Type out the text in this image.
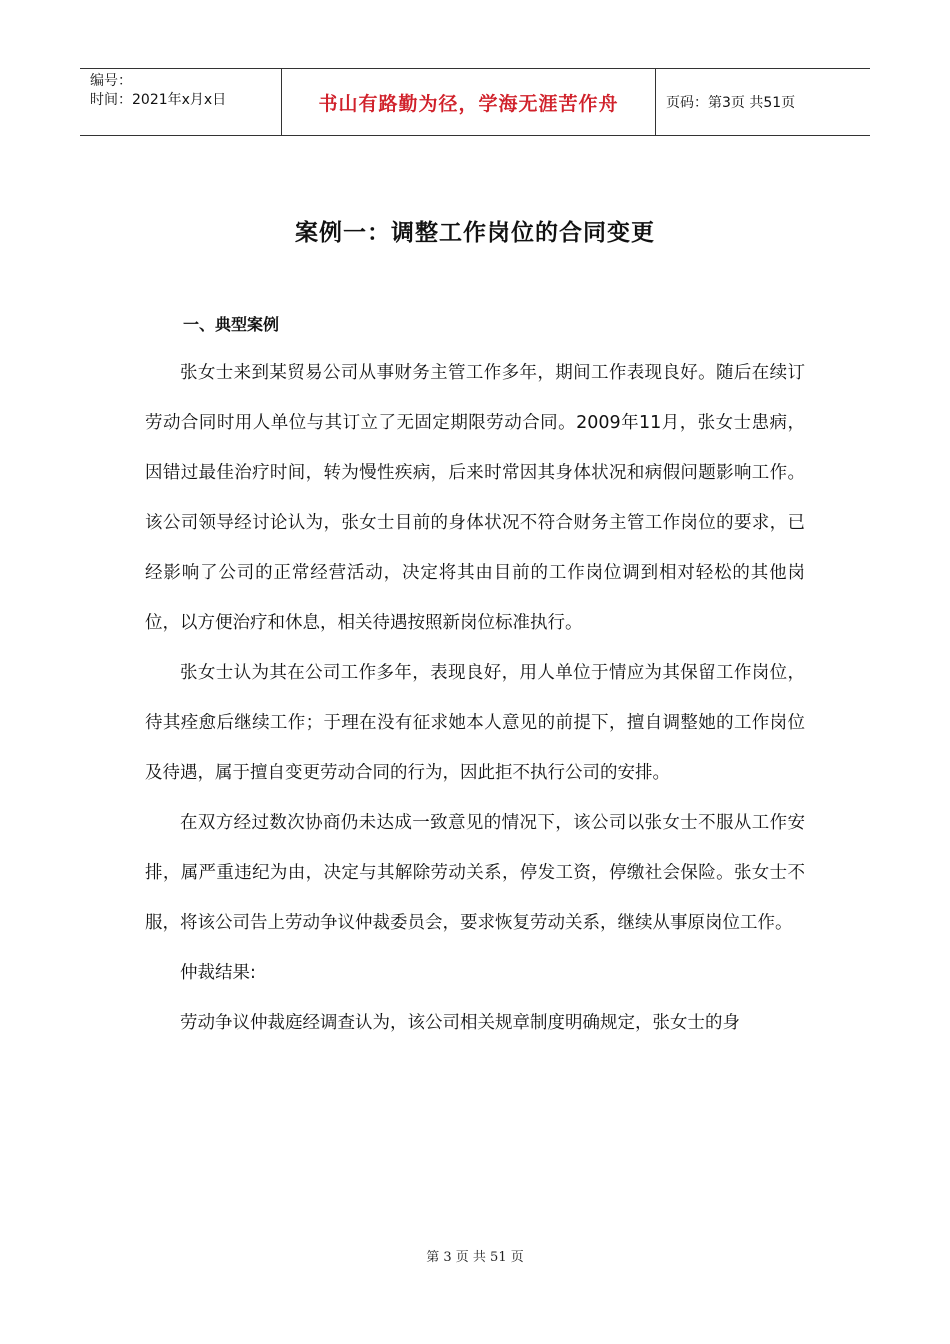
编号：
时间：2021年x月x日	书山有路勤为径，学海无涯苦作舟	页码：第3页 共51页
案例一：调整工作岗位的合同变更
一、典型案例

张女士来到某贸易公司从事财务主管工作多年，期间工作表现良好。随后在续订劳动合同时用人单位与其订立了无固定期限劳动合同。2009年11月，张女士患病，因错过最佳治疗时间，转为慢性疾病，后来时常因其身体状况和病假问题影响工作。该公司领导经讨论认为，张女士目前的身体状况不符合财务主管工作岗位的要求，已经影响了公司的正常经营活动，决定将其由目前的工作岗位调到相对轻松的其他岗位，以方便治疗和休息，相关待遇按照新岗位标准执行。

张女士认为其在公司工作多年，表现良好，用人单位于情应为其保留工作岗位，待其痊愈后继续工作；于理在没有征求她本人意见的前提下，擅自调整她的工作岗位及待遇，属于擅自变更劳动合同的行为，因此拒不执行公司的安排。

在双方经过数次协商仍未达成一致意见的情况下，该公司以张女士不服从工作安排，属严重违纪为由，决定与其解除劳动关系，停发工资，停缴社会保险。张女士不服，将该公司告上劳动争议仲裁委员会，要求恢复劳动关系，继续从事原岗位工作。

仲裁结果:

劳动争议仲裁庭经调查认为，该公司相关规章制度明确规定，张女士的身

第 3 页 共 51 页
